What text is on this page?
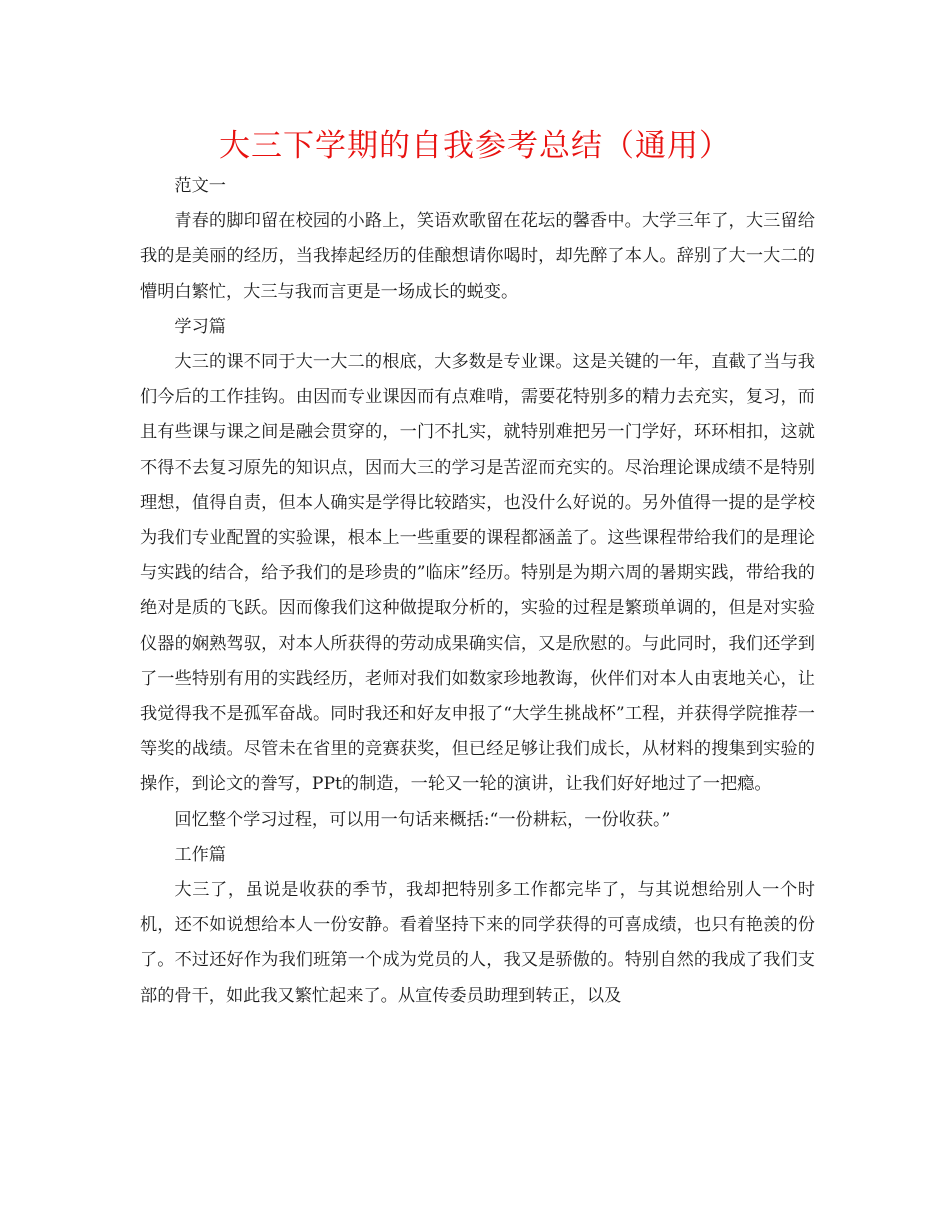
大三下学期的自我参考总结（通用）

范文一

青春的脚印留在校园的小路上，笑语欢歌留在花坛的馨香中。大学三年了，大三留给我的是美丽的经历，当我捧起经历的佳酿想请你喝时，却先醉了本人。辞别了大一大二的懵明白繁忙，大三与我而言更是一场成长的蜕变。

学习篇

大三的课不同于大一大二的根底，大多数是专业课。这是关键的一年，直截了当与我们今后的工作挂钩。由因而专业课因而有点难啃，需要花特别多的精力去充实，复习，而且有些课与课之间是融会贯穿的，一门不扎实，就特别难把另一门学好，环环相扣，这就不得不去复习原先的知识点，因而大三的学习是苦涩而充实的。尽治理论课成绩不是特别理想，值得自责，但本人确实是学得比较踏实，也没什么好说的。另外值得一提的是学校为我们专业配置的实验课，根本上一些重要的课程都涵盖了。这些课程带给我们的是理论与实践的结合，给予我们的是珍贵的”临床”经历。特别是为期六周的暑期实践，带给我的绝对是质的飞跃。因而像我们这种做提取分析的，实验的过程是繁琐单调的，但是对实验仪器的娴熟驾驭，对本人所获得的劳动成果确实信，又是欣慰的。与此同时，我们还学到了一些特别有用的实践经历，老师对我们如数家珍地教诲，伙伴们对本人由衷地关心，让我觉得我不是孤军奋战。同时我还和好友申报了“大学生挑战杯”工程，并获得学院推荐一等奖的战绩。尽管未在省里的竞赛获奖，但已经足够让我们成长，从材料的搜集到实验的操作，到论文的誊写，PPt的制造，一轮又一轮的演讲，让我们好好地过了一把瘾。

回忆整个学习过程，可以用一句话来概括:“一份耕耘，一份收获。”

工作篇

大三了，虽说是收获的季节，我却把特别多工作都完毕了，与其说想给别人一个时机，还不如说想给本人一份安静。看着坚持下来的同学获得的可喜成绩，也只有艳羡的份了。不过还好作为我们班第一个成为党员的人，我又是骄傲的。特别自然的我成了我们支部的骨干，如此我又繁忙起来了。从宣传委员助理到转正，以及
